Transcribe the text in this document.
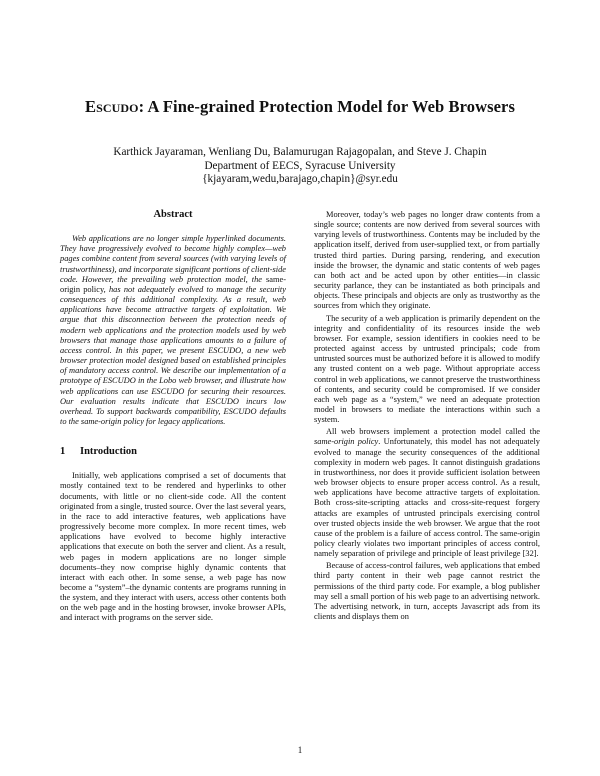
Escudo: A Fine-grained Protection Model for Web Browsers
Karthick Jayaraman, Wenliang Du, Balamurugan Rajagopalan, and Steve J. Chapin
Department of EECS, Syracuse University
{kjayaram,wedu,barajago,chapin}@syr.edu
Abstract

Web applications are no longer simple hyperlinked documents. They have progressively evolved to become highly complex—web pages combine content from several sources (with varying levels of trustworthiness), and incorporate significant portions of client-side code. However, the prevailing web protection model, the same-origin policy, has not adequately evolved to manage the security consequences of this additional complexity. As a result, web applications have become attractive targets of exploitation. We argue that this disconnection between the protection needs of modern web applications and the protection models used by web browsers that manage those applications amounts to a failure of access control. In this paper, we present ESCUDO, a new web browser protection model designed based on established principles of mandatory access control. We describe our implementation of a prototype of ESCUDO in the Lobo web browser, and illustrate how web applications can use ESCUDO for securing their resources. Our evaluation results indicate that ESCUDO incurs low overhead. To support backwards compatibility, ESCUDO defaults to the same-origin policy for legacy applications.

1 Introduction

Initially, web applications comprised a set of documents that mostly contained text to be rendered and hyperlinks to other documents, with little or no client-side code. All the content originated from a single, trusted source. Over the last several years, in the race to add interactive features, web applications have progressively become more complex. In more recent times, web applications have evolved to become highly interactive applications that execute on both the server and client. As a result, web pages in modern applications are no longer simple documents–they now comprise highly dynamic contents that interact with each other. In some sense, a web page has now become a “system”–the dynamic contents are programs running in the system, and they interact with users, access other contents both on the web page and in the hosting browser, invoke browser APIs, and interact with programs on the server side.

Moreover, today’s web pages no longer draw contents from a single source; contents are now derived from several sources with varying levels of trustworthiness. Contents may be included by the application itself, derived from user-supplied text, or from partially trusted third parties. During parsing, rendering, and execution inside the browser, the dynamic and static contents of web pages can both act and be acted upon by other entities—in classic security parlance, they can be instantiated as both principals and objects. These principals and objects are only as trustworthy as the sources from which they originate.

The security of a web application is primarily dependent on the integrity and confidentiality of its resources inside the web browser. For example, session identifiers in cookies need to be protected against access by untrusted principals; code from untrusted sources must be authorized before it is allowed to modify any trusted content on a web page. Without appropriate access control in web applications, we cannot preserve the trustworthiness of contents, and security could be compromised. If we consider each web page as a “system,” we need an adequate protection model in browsers to mediate the interactions within such a system.

All web browsers implement a protection model called the same-origin policy. Unfortunately, this model has not adequately evolved to manage the security consequences of the additional complexity in modern web pages. It cannot distinguish gradations in trustworthiness, nor does it provide sufficient isolation between web browser objects to ensure proper access control. As a result, web applications have become attractive targets of exploitation. Both cross-site-scripting attacks and cross-site-request forgery attacks are examples of untrusted principals exercising control over trusted objects inside the web browser. We argue that the root cause of the problem is a failure of access control. The same-origin policy clearly violates two important principles of access control, namely separation of privilege and principle of least privilege [32].

Because of access-control failures, web applications that embed third party content in their web page cannot restrict the permissions of the third party code. For example, a blog publisher may sell a small portion of his web page to an advertising network. The advertising network, in turn, accepts Javascript ads from its clients and displays them on

1
